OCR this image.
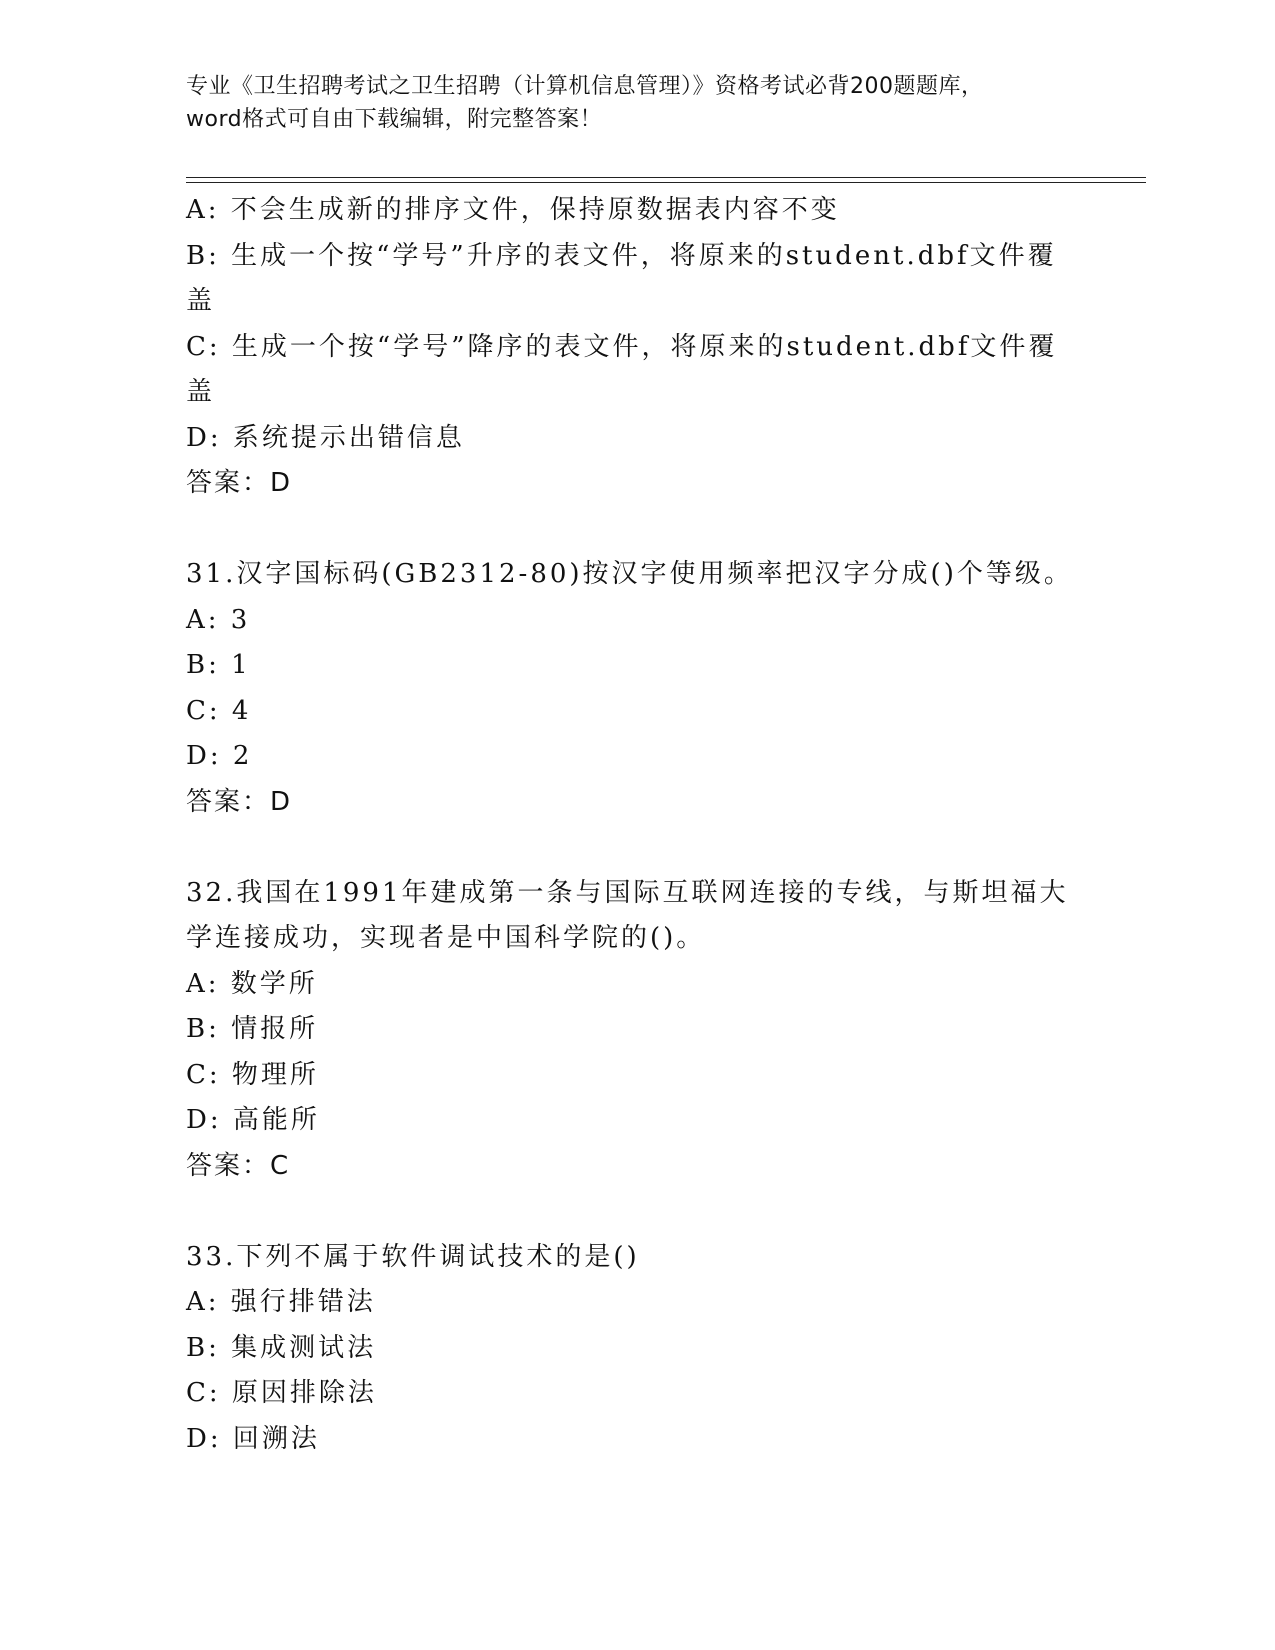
专业《卫生招聘考试之卫生招聘（计算机信息管理）》资格考试必背200题题库，
word格式可自由下载编辑，附完整答案！
A: 不会生成新的排序文件，保持原数据表内容不变
B: 生成一个按“学号”升序的表文件，将原来的student.dbf文件覆
盖
C: 生成一个按“学号”降序的表文件，将原来的student.dbf文件覆
盖
D: 系统提示出错信息
答案：D
31.汉字国标码(GB2312-80)按汉字使用频率把汉字分成()个等级。
A: 3
B: 1
C: 4
D: 2
答案：D
32.我国在1991年建成第一条与国际互联网连接的专线，与斯坦福大
学连接成功，实现者是中国科学院的()。
A: 数学所
B: 情报所
C: 物理所
D: 高能所
答案：C
33.下列不属于软件调试技术的是()
A: 强行排错法
B: 集成测试法
C: 原因排除法
D: 回溯法
